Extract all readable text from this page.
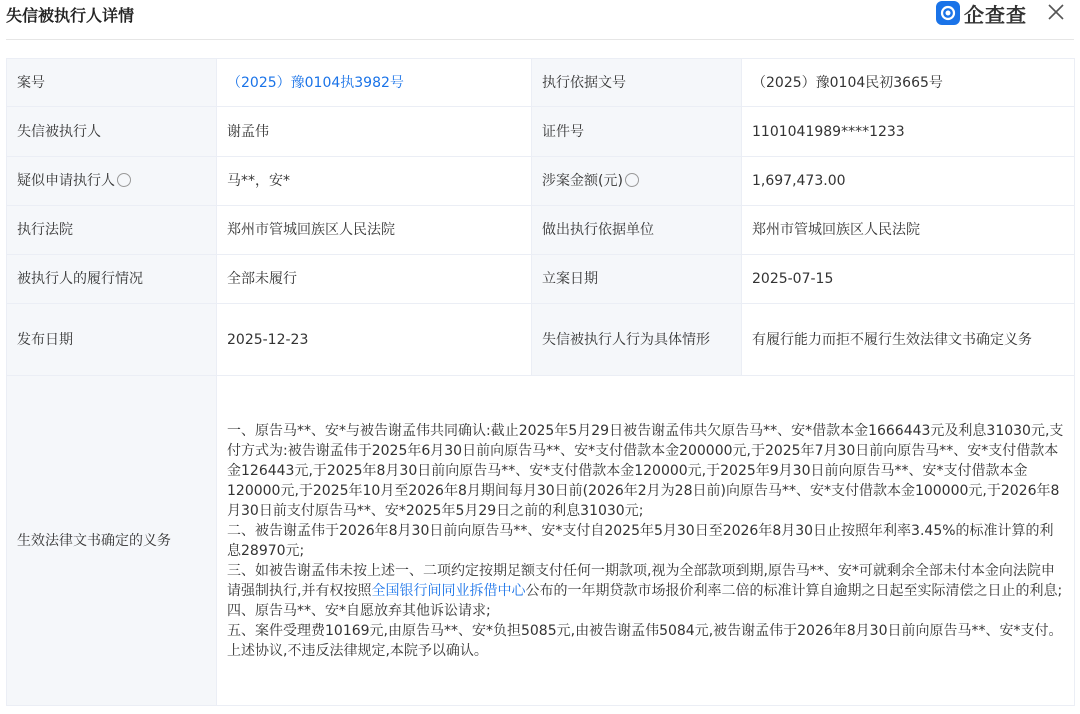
失信被执行人详情	企查查
案号	（2025）豫0104执3982号	执行依据文号	（2025）豫0104民初3665号
失信被执行人	谢孟伟	证件号	1101041989****1233
疑似申请执行人	马**，安*	涉案金额(元)	1,697,473.00
执行法院	郑州市管城回族区人民法院	做出执行依据单位	郑州市管城回族区人民法院
被执行人的履行情况	全部未履行	立案日期	2025-07-15
发布日期	2025-12-23	失信被执行人行为具体情形	有履行能力而拒不履行生效法律文书确定义务
生效法律文书确定的义务	一、原告马**、安*与被告谢孟伟共同确认:截止2025年5月29日被告谢孟伟共欠原告马**、安*借款本金1666443元及利息31030元,支付方式为:被告谢孟伟于2025年6月30日前向原告马**、安*支付借款本金200000元,于2025年7月30日前向原告马**、安*支付借款本金126443元,于2025年8月30日前向原告马**、安*支付借款本金120000元,于2025年9月30日前向原告马**、安*支付借款本金120000元,于2025年10月至2026年8月期间每月30日前(2026年2月为28日前)向原告马**、安*支付借款本金100000元,于2026年8月30日前支付原告马**、安*2025年5月29日之前的利息31030元;
二、被告谢孟伟于2026年8月30日前向原告马**、安*支付自2025年5月30日至2026年8月30日止按照年利率3.45%的标准计算的利息28970元;
三、如被告谢孟伟未按上述一、二项约定按期足额支付任何一期款项,视为全部款项到期,原告马**、安*可就剩余全部未付本金向法院申请强制执行,并有权按照全国银行间同业拆借中心公布的一年期贷款市场报价利率二倍的标准计算自逾期之日起至实际清偿之日止的利息;
四、原告马**、安*自愿放弃其他诉讼请求;
五、案件受理费10169元,由原告马**、安*负担5085元,由被告谢孟伟5084元,被告谢孟伟于2026年8月30日前向原告马**、安*支付。上述协议,不违反法律规定,本院予以确认。		
